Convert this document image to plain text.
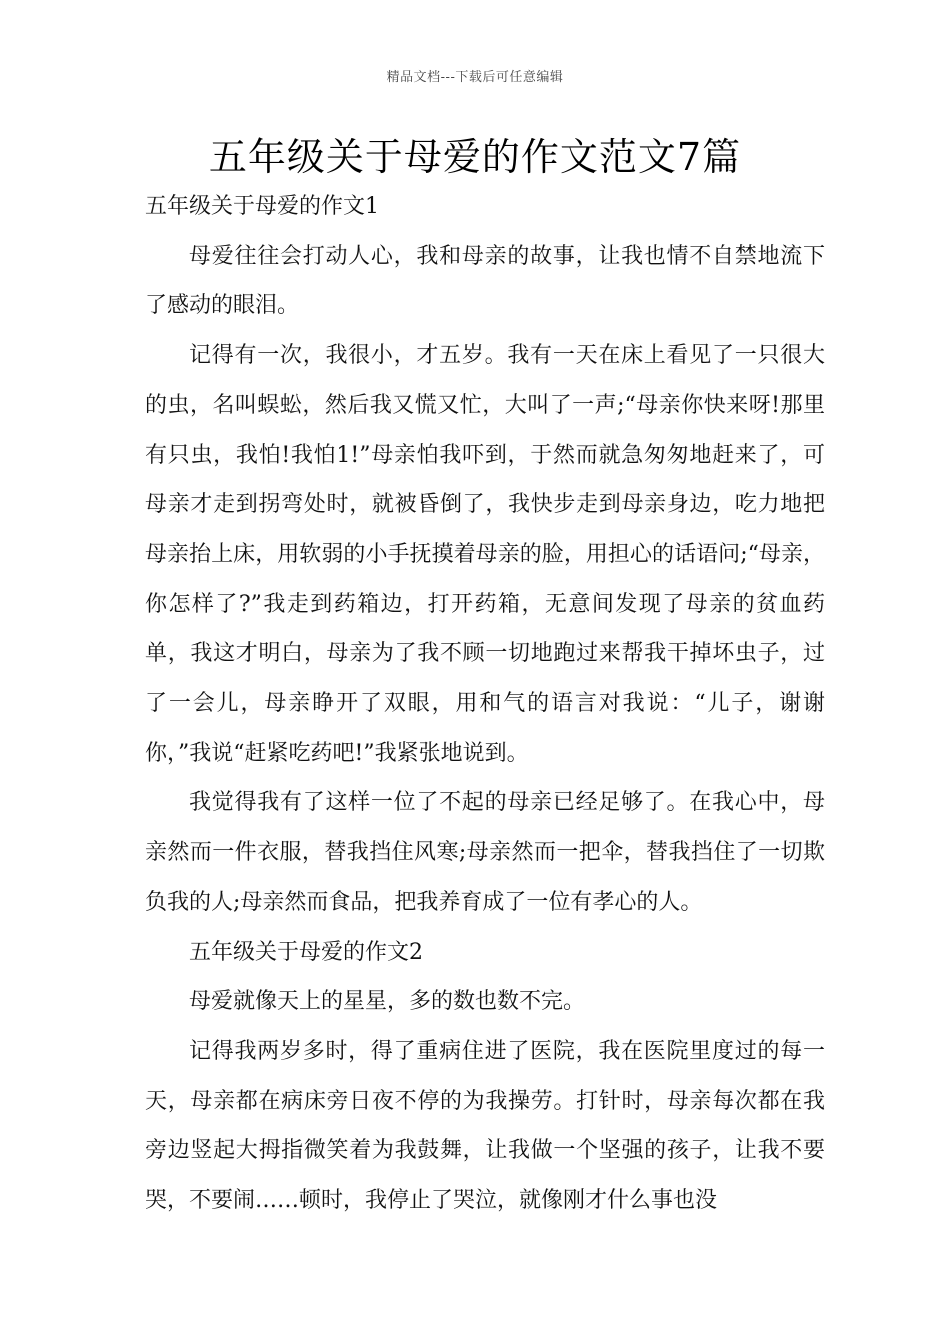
精品文档---下载后可任意编辑
五年级关于母爱的作文范文7篇

五年级关于母爱的作文1

母爱往往会打动人心，我和母亲的故事，让我也情不自禁地流下了感动的眼泪。

记得有一次，我很小，才五岁。我有一天在床上看见了一只很大的虫，名叫蜈蚣，然后我又慌又忙，大叫了一声;“母亲你快来呀!那里有只虫，我怕!我怕1!”母亲怕我吓到，于然而就急匆匆地赶来了，可母亲才走到拐弯处时，就被昏倒了，我快步走到母亲身边，吃力地把母亲抬上床，用软弱的小手抚摸着母亲的脸，用担心的话语问;“母亲，你怎样了?”我走到药箱边，打开药箱，无意间发现了母亲的贫血药单，我这才明白，母亲为了我不顾一切地跑过来帮我干掉坏虫子，过了一会儿，母亲睁开了双眼，用和气的语言对我说：“儿子，谢谢你，”我说“赶紧吃药吧!”我紧张地说到。

我觉得我有了这样一位了不起的母亲已经足够了。在我心中，母亲然而一件衣服，替我挡住风寒;母亲然而一把伞，替我挡住了一切欺负我的人;母亲然而食品，把我养育成了一位有孝心的人。

五年级关于母爱的作文2

母爱就像天上的星星，多的数也数不完。

记得我两岁多时，得了重病住进了医院，我在医院里度过的每一天，母亲都在病床旁日夜不停的为我操劳。打针时，母亲每次都在我旁边竖起大拇指微笑着为我鼓舞，让我做一个坚强的孩子，让我不要哭，不要闹……顿时，我停止了哭泣，就像刚才什么事也没
